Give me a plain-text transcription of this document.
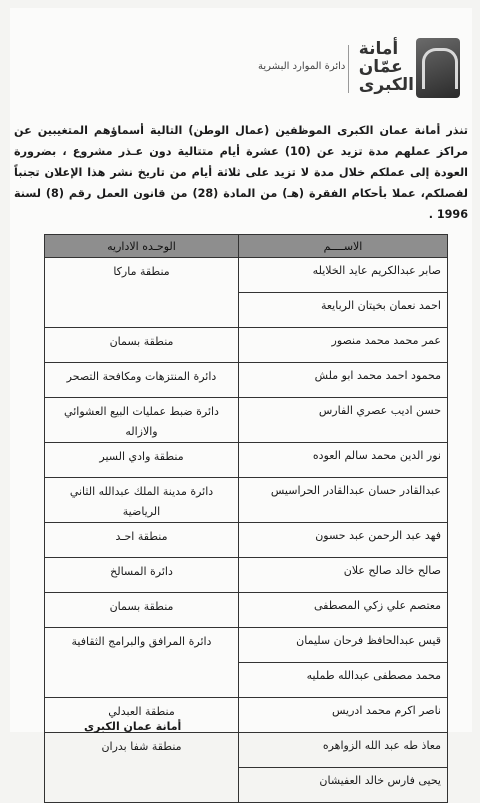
أمانة
عمّان
الكبرى
دائرة الموارد البشرية
تنذر أمانة عمان الكبرى الموظفين (عمال الوطن) التالية أسماؤهم المتغيبين عن مراكز عملهم مدة تزيد عن (10) عشرة أيام متتالية دون عـذر مشروع ، بضرورة العودة إلى عملكم خلال مدة لا تزيد على ثلاثة أيام من تاريخ نشر هذا الإعلان تجنباً لفصلكم، عملا بأحكام الفقرة (هـ) من المادة (28) من قانون العمل رقم (8) لسنة 1996 .
الاســــم	الوحـده الاداريه
صابر عبدالكريم عايد الخلايله	منطقة ماركا
احمد نعمان بخيتان الربايعة	
عمر محمد محمد منصور	منطقة بسمان
محمود احمد محمد ابو ملش	دائرة المنتزهات ومكافحة التصحر
حسن اديب عصري الفارس	دائرة ضبط عمليات البيع العشوائي والازاله
نور الدين محمد سالم العوده	منطقة وادي السير
عبدالقادر حسان عبدالقادر الحراسيس	دائرة مدينة الملك عبدالله الثاني الرياضية
فهد عبد الرحمن عبد حسون	منطقة احـد
صالح خالد صالح علان	دائرة المسالخ
معتصم علي زكي المصطفى	منطقة بسمان
قيس عبدالحافظ فرحان سليمان	دائرة المرافق والبرامج الثقافية
محمد مصطفى عبدالله طمليه	
ناصر اكرم محمد ادريس	منطقة العبدلي
معاذ طه عبد الله الزواهره	منطقة شفا بدران
يحيى فارس خالد العفيشان	
أمانة عمان الكبرى
